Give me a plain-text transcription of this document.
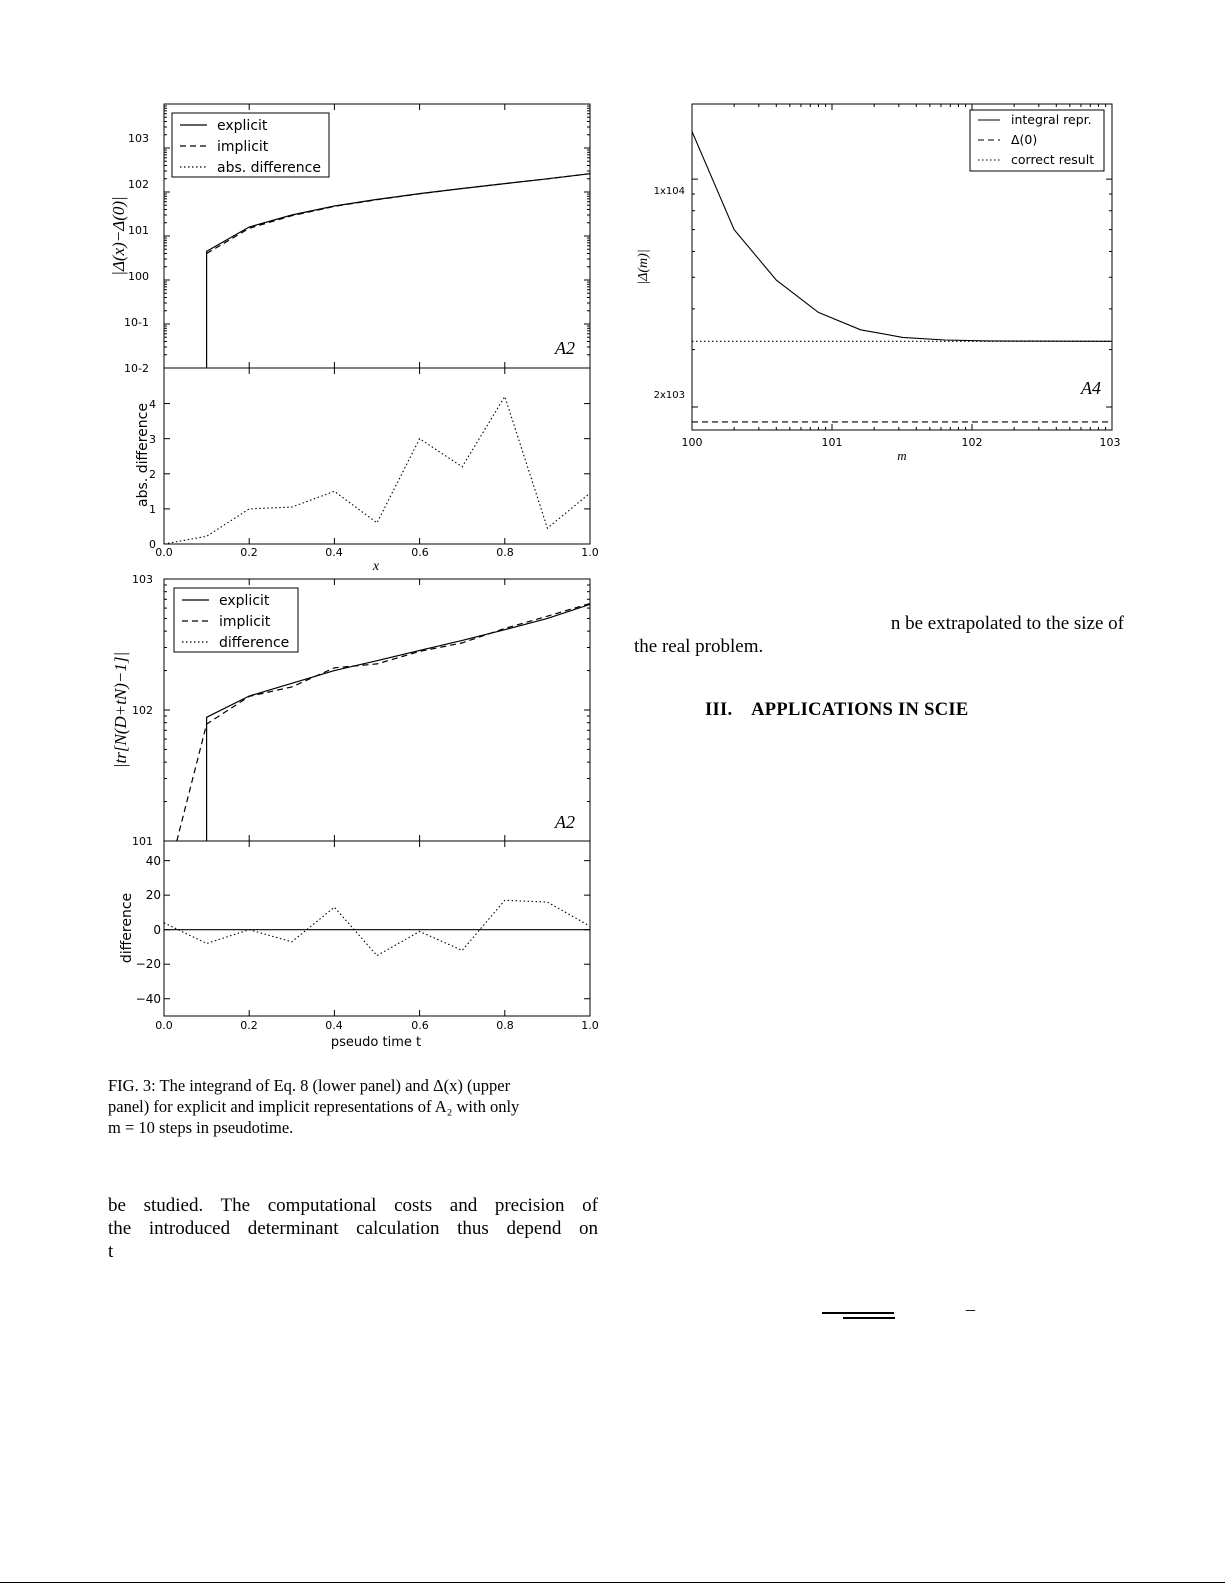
10-2
10-1
100
101
102
103
|Δ(x)−Δ(0)|
explicit
implicit
abs. difference
A2
0
1
2
3
4
0.0	0.2	0.4	0.6	0.8	1.0
x
abs. difference
101
102
103
|tr[N(D+tN)−1]|
explicit
implicit
difference
A2
−40
−20
0
20
40
0.0	0.2	0.4	0.6	0.8	1.0
pseudo time t
difference
2x103
1x104
100	101	102	103
m
|Δ(m)|
integral repr.
Δ(0)
correct result
A4
FIG. 3: The integrand of Eq. 8 (lower panel) and Δ(x) (upper
panel) for explicit and implicit representations of A₂ with only
m = 10 steps in pseudotime.
be studied. The computational costs and precision of
the introduced determinant calculation thus depend on
t
n be extrapolated to the size of
the real problem.
III.    APPLICATIONS IN SCIE
–
